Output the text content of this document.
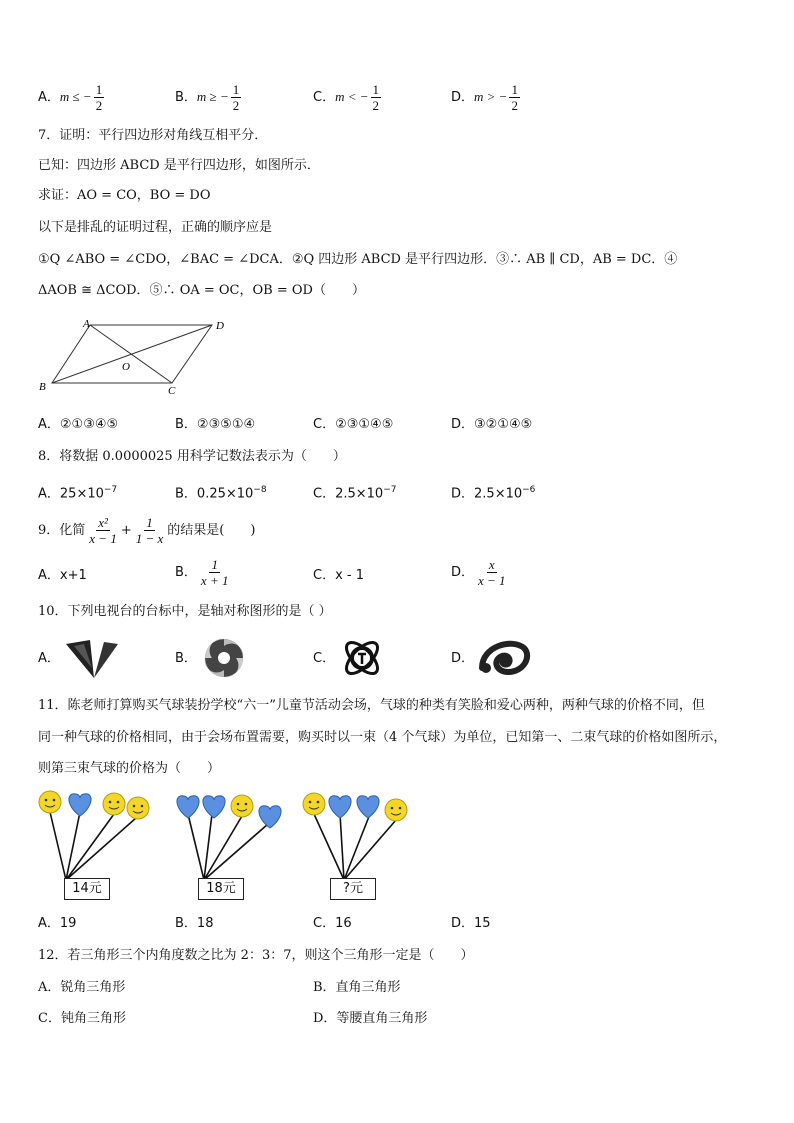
A．m ≤ − $\frac{1}{2}$	B．m ≥ − $\frac{1}{2}$	C．m < − $\frac{1}{2}$	D．m > − $\frac{1}{2}$
7．证明：平行四边形对角线互相平分．
已知：四边形 ABCD 是平行四边形，如图所示．
求证：AO = CO，BO = DO
以下是排乱的证明过程，正确的顺序应是
①Q ∠ABO = ∠CDO，∠BAC = ∠DCA．②Q 四边形 ABCD 是平行四边形．③∴ AB ∥ CD，AB = DC．④
ΔAOB ≅ ΔCOD．⑤∴ OA = OC，OB = OD（　　）
A	D
B	C
O
A．②①③④⑤	B．②③⑤①④	C．②③①④⑤	D．③②①④⑤
8．将数据 0.0000025 用科学记数法表示为（　　）
A．$25\times 10^{-7}$	B．$0.25\times 10^{-8}$	C．$2.5\times 10^{-7}$	D．$2.5\times 10^{-6}$
9．化简 $\frac{\text{x²}}{x - 1} + \frac{1}{1 - x}$ 的结果是(　　)
A．x+1	B． $\frac{1}{x + 1}$	C．x - 1	D． $\frac{x}{x - 1}$
10．下列电视台的台标中，是轴对称图形的是（ ）
A．	B．	C．	D．
11．陈老师打算购买气球装扮学校“六一”儿童节活动会场，气球的种类有笑脸和爱心两种，两种气球的价格不同，但
同一种气球的价格相同，由于会场布置需要，购买时以一束（4 个气球）为单位，已知第一、二束气球的价格如图所示，
则第三束气球的价格为（　　）
14元	18元	?元
A．19	B．18	C．16	D．15
12．若三角形三个内角度数之比为 2：3：7，则这个三角形一定是（　　）
A．锐角三角形	B．直角三角形
C．钝角三角形	D．等腰直角三角形
